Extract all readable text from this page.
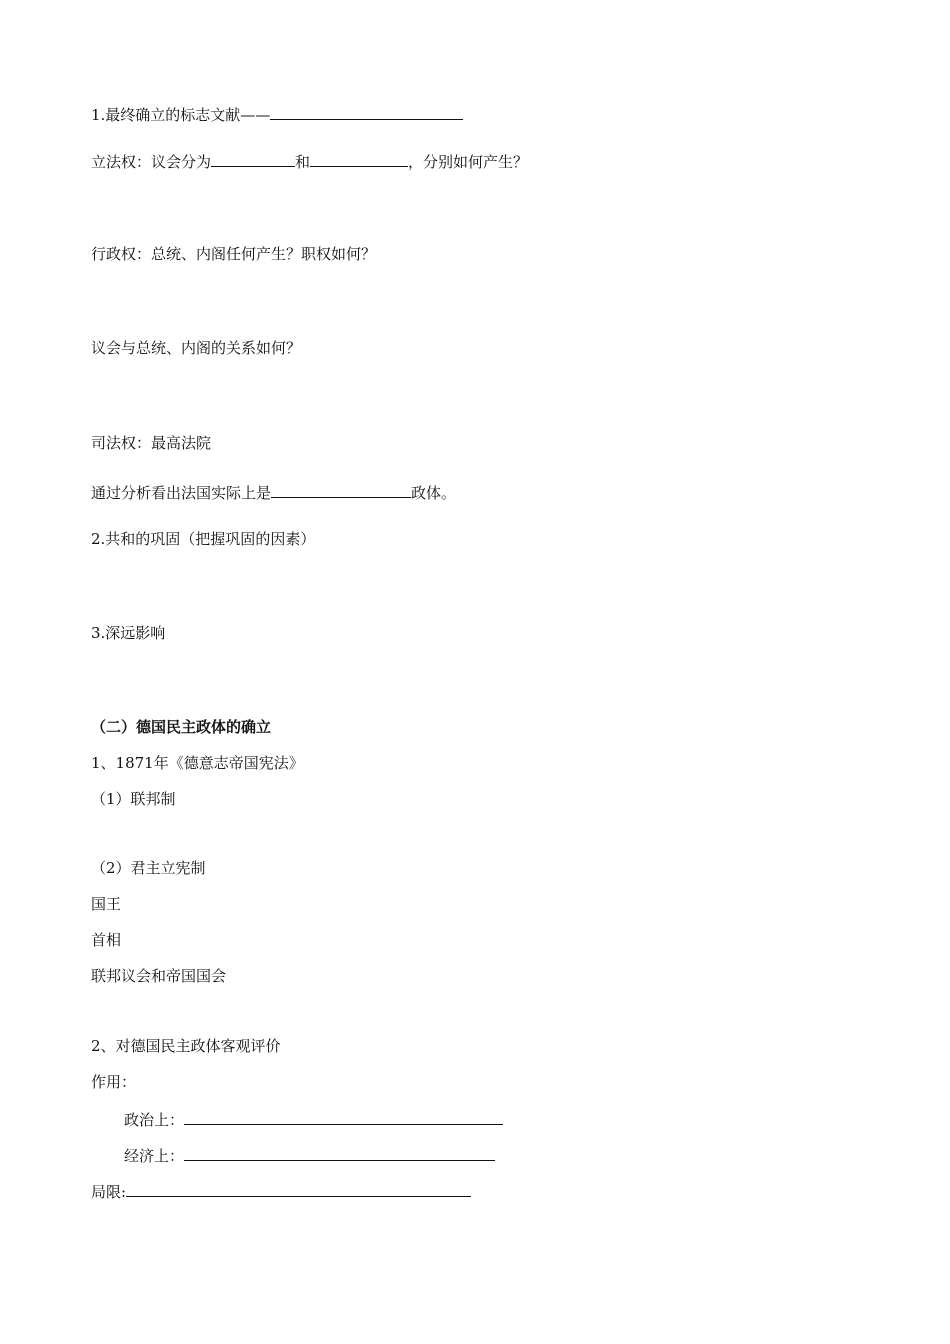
1.最终确立的标志文献——
立法权：议会分为	和	，分别如何产生？
行政权：总统、内阁任何产生？职权如何？
议会与总统、内阁的关系如何？
司法权：最高法院
通过分析看出法国实际上是	政体。
2.共和的巩固（把握巩固的因素）
3.深远影响
（二）德国民主政体的确立
1、1871年《德意志帝国宪法》
（1）联邦制
（2）君主立宪制
国王
首相
联邦议会和帝国国会
2、对德国民主政体客观评价
作用：
政治上：
经济上：
局限:
